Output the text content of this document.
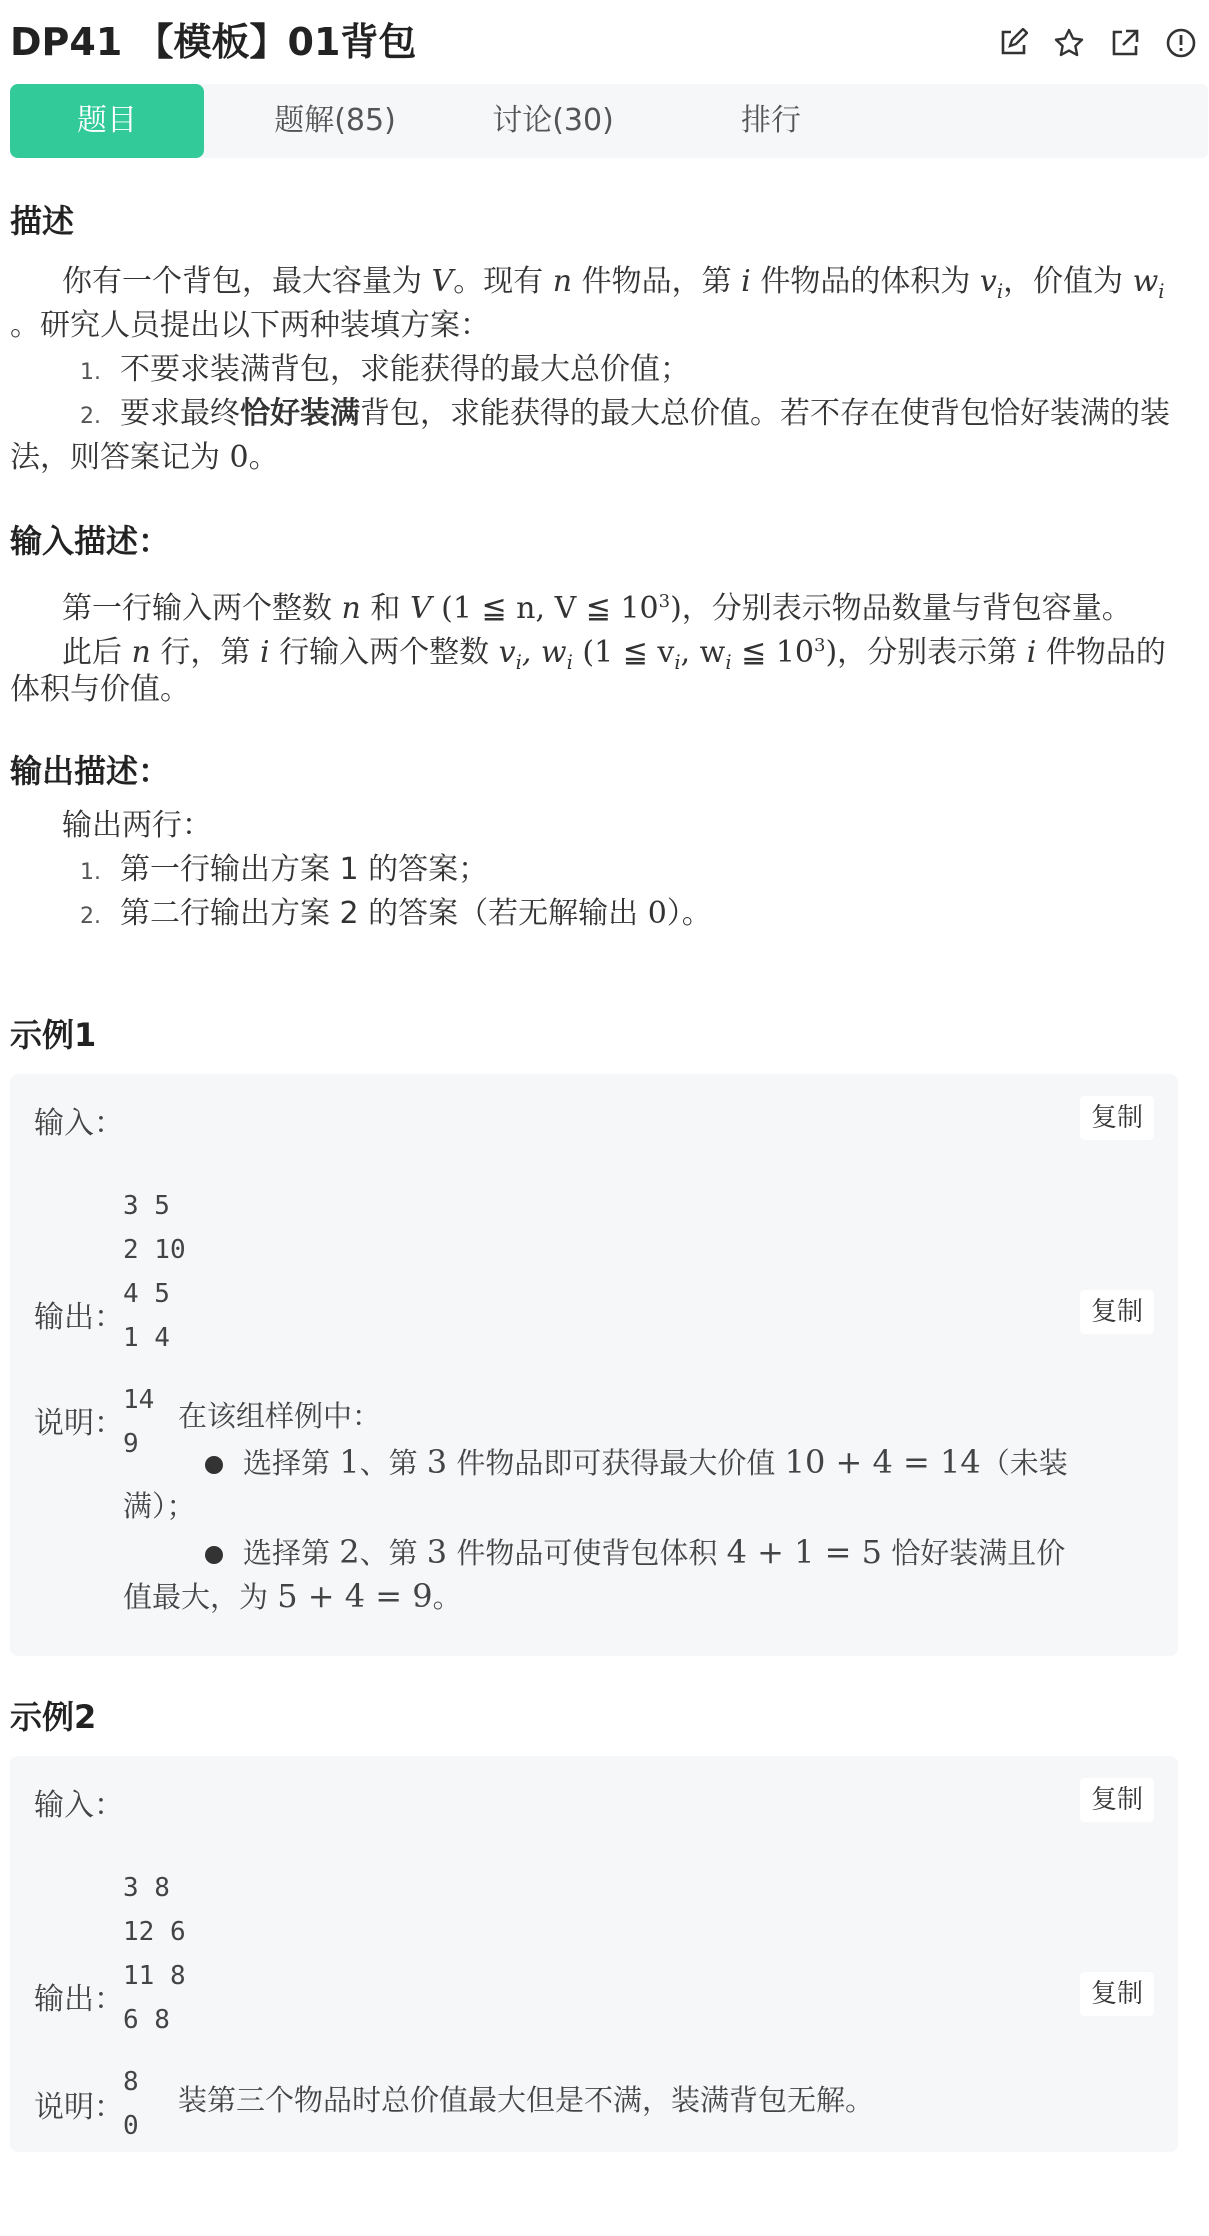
DP41 【模板】01背包
题目	题解(85)	讨论(30)	排行
描述
你有一个背包，最大容量为 V。现有 n 件物品，第 i 件物品的体积为 $v_i$，价值为 $w_i$
。研究人员提出以下两种装填方案：
1. 不要求装满背包，求能获得的最大总价值；
2. 要求最终恰好装满背包，求能获得的最大总价值。若不存在使背包恰好装满的装
法，则答案记为 0。
输入描述：
第一行输入两个整数 n 和 V (1 ≦ n, V ≦ $10^3$)，分别表示物品数量与背包容量。
此后 n 行，第 i 行输入两个整数 $v_i$, $w_i$ (1 ≦ $v_i$, $w_i$ ≦ $10^3$)，分别表示第 i 件物品的
体积与价值。
输出描述：
输出两行：
1. 第一行输出方案 1 的答案；
2. 第二行输出方案 2 的答案（若无解输出 0）。
示例1
示例2
输入：

3 5
2 10
4 5
1 4

复制
输出：

14
9

复制
说明： 在该组样例中：
选择第 1、第 3 件物品即可获得最大价值 10 + 4 = 14（未装
满）；
选择第 2、第 3 件物品可使背包体积 4 + 1 = 5 恰好装满且价
值最大，为 5 + 4 = 9。
输入：

3 8
12 6
11 8
6 8

复制
输出：

8
0

复制
说明： 装第三个物品时总价值最大但是不满，装满背包无解。
